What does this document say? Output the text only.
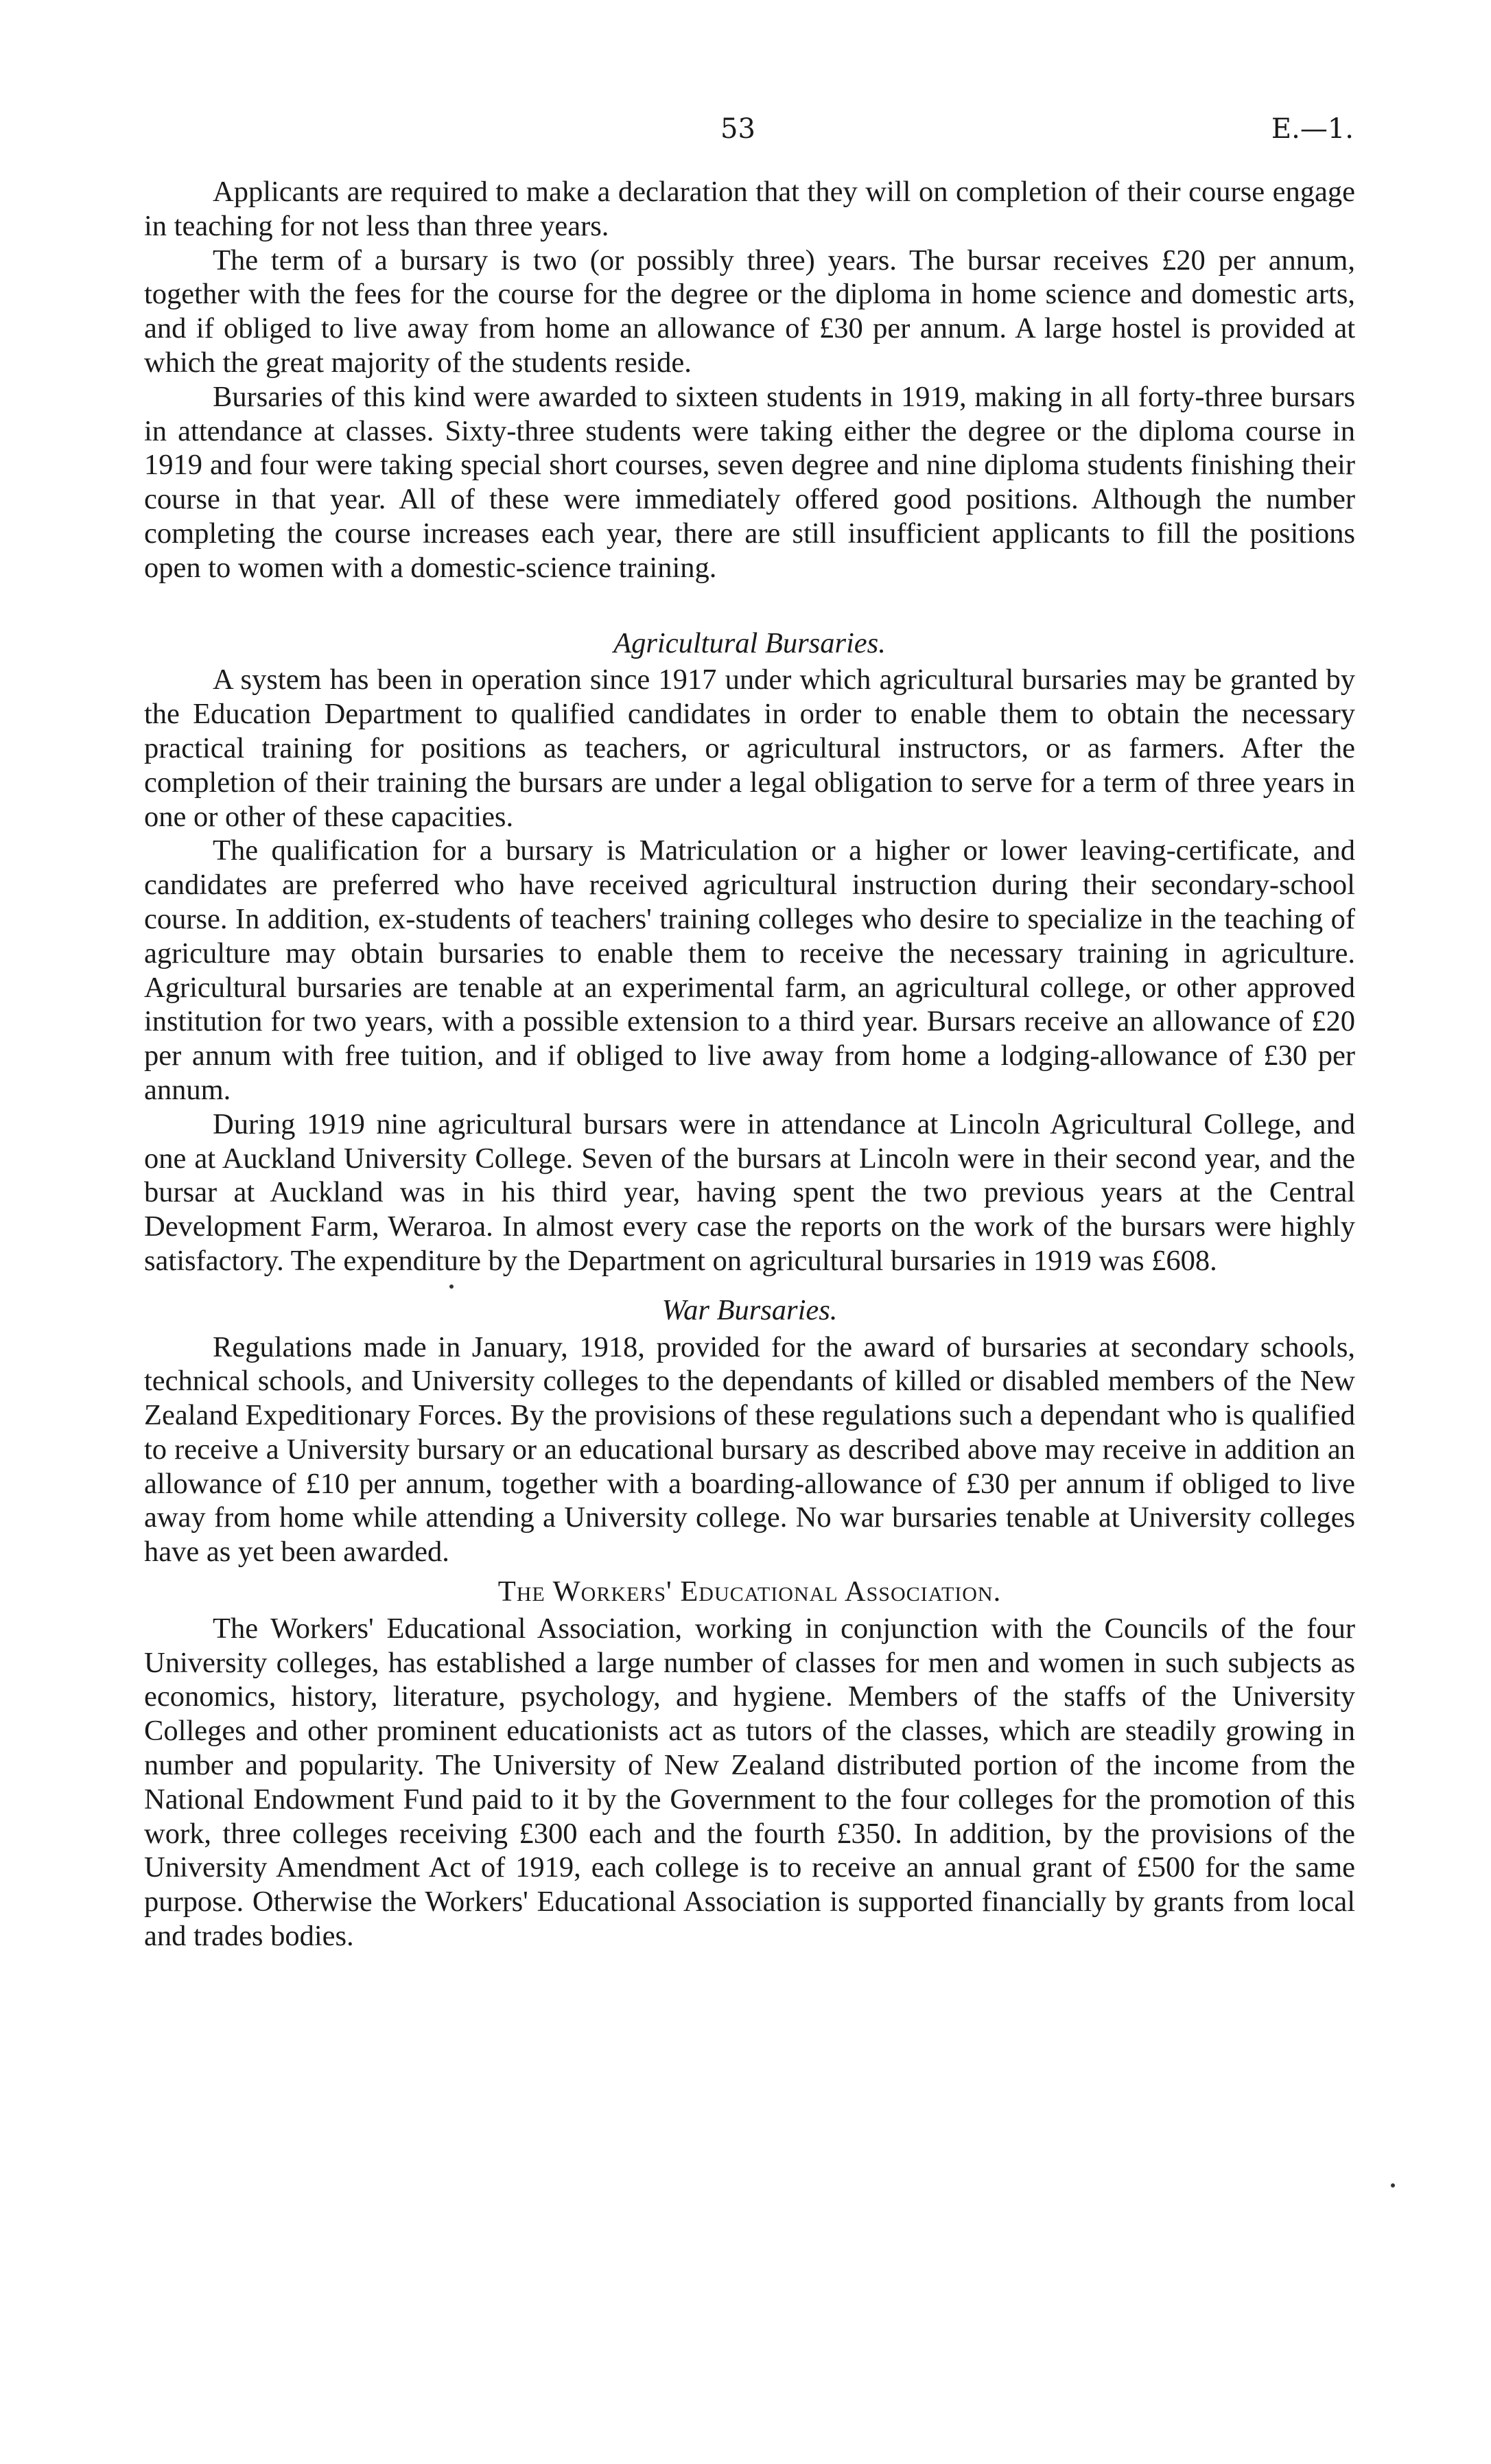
53	E.—1.

Applicants are required to make a declaration that they will on completion of their course engage in teaching for not less than three years.

The term of a bursary is two (or possibly three) years. The bursar receives £20 per annum, together with the fees for the course for the degree or the diploma in home science and domestic arts, and if obliged to live away from home an allowance of £30 per annum. A large hostel is provided at which the great majority of the students reside.

Bursaries of this kind were awarded to sixteen students in 1919, making in all forty-three bursars in attendance at classes. Sixty-three students were taking either the degree or the diploma course in 1919 and four were taking special short courses, seven degree and nine diploma students finishing their course in that year. All of these were immediately offered good positions. Although the number completing the course increases each year, there are still insufficient applicants to fill the positions open to women with a domestic-science training.

Agricultural Bursaries.

A system has been in operation since 1917 under which agricultural bursaries may be granted by the Education Department to qualified candidates in order to enable them to obtain the necessary practical training for positions as teachers, or agricultural instructors, or as farmers. After the completion of their training the bursars are under a legal obligation to serve for a term of three years in one or other of these capacities.

The qualification for a bursary is Matriculation or a higher or lower leaving-certificate, and candidates are preferred who have received agricultural instruction during their secondary-school course. In addition, ex-students of teachers' training colleges who desire to specialize in the teaching of agriculture may obtain bursaries to enable them to receive the necessary training in agriculture. Agricultural bursaries are tenable at an experimental farm, an agricultural college, or other approved institution for two years, with a possible extension to a third year. Bursars receive an allowance of £20 per annum with free tuition, and if obliged to live away from home a lodging-allowance of £30 per annum.

During 1919 nine agricultural bursars were in attendance at Lincoln Agricultural College, and one at Auckland University College. Seven of the bursars at Lincoln were in their second year, and the bursar at Auckland was in his third year, having spent the two previous years at the Central Development Farm, Weraroa. In almost every case the reports on the work of the bursars were highly satisfactory. The expenditure by the Department on agricultural bursaries in 1919 was £608.

War Bursaries.

Regulations made in January, 1918, provided for the award of bursaries at secondary schools, technical schools, and University colleges to the dependants of killed or disabled members of the New Zealand Expeditionary Forces. By the provisions of these regulations such a dependant who is qualified to receive a University bursary or an educational bursary as described above may receive in addition an allowance of £10 per annum, together with a boarding-allowance of £30 per annum if obliged to live away from home while attending a University college. No war bursaries tenable at University colleges have as yet been awarded.

The Workers' Educational Association.

The Workers' Educational Association, working in conjunction with the Councils of the four University colleges, has established a large number of classes for men and women in such subjects as economics, history, literature, psychology, and hygiene. Members of the staffs of the University Colleges and other prominent educationists act as tutors of the classes, which are steadily growing in number and popularity. The University of New Zealand distributed portion of the income from the National Endowment Fund paid to it by the Government to the four colleges for the promotion of this work, three colleges receiving £300 each and the fourth £350. In addition, by the provisions of the University Amendment Act of 1919, each college is to receive an annual grant of £500 for the same purpose. Otherwise the Workers' Educational Association is supported financially by grants from local and trades bodies.
